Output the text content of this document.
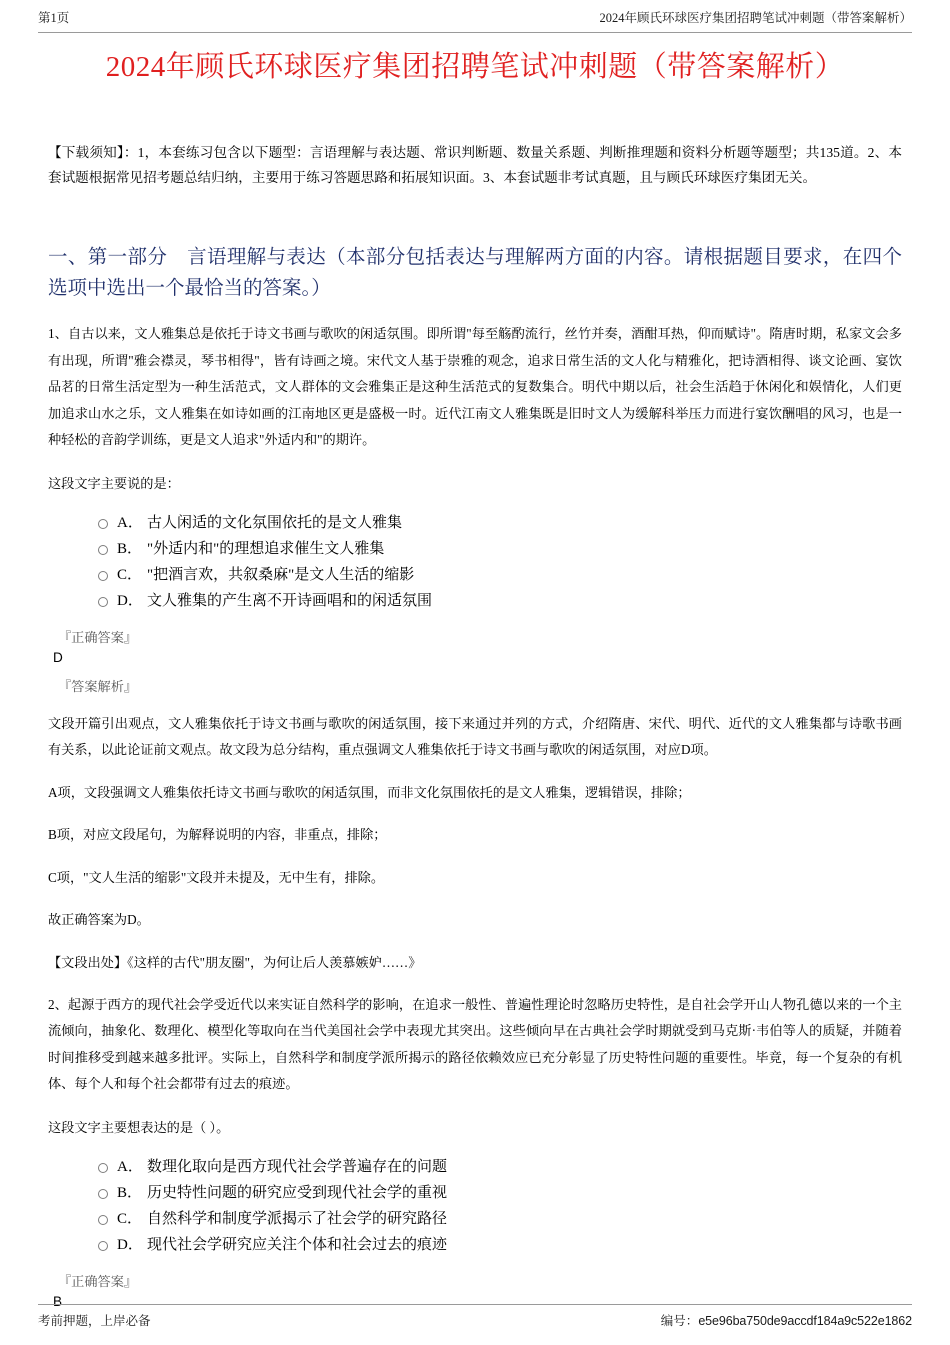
第1页	2024年顾氏环球医疗集团招聘笔试冲刺题（带答案解析）
2024年顾氏环球医疗集团招聘笔试冲刺题（带答案解析）

【下载须知】：1，本套练习包含以下题型：言语理解与表达题、常识判断题、数量关系题、判断推理题和资料分析题等题型；共135道。2、本套试题根据常见招考题总结归纳，主要用于练习答题思路和拓展知识面。3、本套试题非考试真题，且与顾氏环球医疗集团无关。

一、第一部分　言语理解与表达（本部分包括表达与理解两方面的内容。请根据题目要求，在四个选项中选出一个最恰当的答案。）

1、自古以来，文人雅集总是依托于诗文书画与歌吹的闲适氛围。即所谓"每至觞酌流行，丝竹并奏，酒酣耳热，仰而赋诗"。隋唐时期，私家文会多有出现，所谓"雅会襟灵，琴书相得"，皆有诗画之境。宋代文人基于崇雅的观念，追求日常生活的文人化与精雅化，把诗酒相得、谈文论画、宴饮品茗的日常生活定型为一种生活范式，文人群体的文会雅集正是这种生活范式的复数集合。明代中期以后，社会生活趋于休闲化和娱情化，人们更加追求山水之乐，文人雅集在如诗如画的江南地区更是盛极一时。近代江南文人雅集既是旧时文人为缓解科举压力而进行宴饮酬唱的风习，也是一种轻松的音韵学训练，更是文人追求"外适内和"的期许。

这段文字主要说的是：

A． 古人闲适的文化氛围依托的是文人雅集
B． "外适内和"的理想追求催生文人雅集
C． "把酒言欢，共叙桑麻"是文人生活的缩影
D． 文人雅集的产生离不开诗画唱和的闲适氛围

『正确答案』

D

『答案解析』

文段开篇引出观点，文人雅集依托于诗文书画与歌吹的闲适氛围，接下来通过并列的方式，介绍隋唐、宋代、明代、近代的文人雅集都与诗歌书画有关系，以此论证前文观点。故文段为总分结构，重点强调文人雅集依托于诗文书画与歌吹的闲适氛围，对应D项。

A项，文段强调文人雅集依托诗文书画与歌吹的闲适氛围，而非文化氛围依托的是文人雅集，逻辑错误，排除；

B项，对应文段尾句，为解释说明的内容，非重点，排除；

C项，"文人生活的缩影"文段并未提及，无中生有，排除。

故正确答案为D。

【文段出处】《这样的古代"朋友圈"，为何让后人羡慕嫉妒……》

2、起源于西方的现代社会学受近代以来实证自然科学的影响，在追求一般性、普遍性理论时忽略历史特性，是自社会学开山人物孔德以来的一个主流倾向，抽象化、数理化、模型化等取向在当代美国社会学中表现尤其突出。这些倾向早在古典社会学时期就受到马克斯·韦伯等人的质疑，并随着时间推移受到越来越多批评。实际上，自然科学和制度学派所揭示的路径依赖效应已充分彰显了历史特性问题的重要性。毕竟，每一个复杂的有机体、每个人和每个社会都带有过去的痕迹。

这段文字主要想表达的是（ ）。

A． 数理化取向是西方现代社会学普遍存在的问题
B． 历史特性问题的研究应受到现代社会学的重视
C． 自然科学和制度学派揭示了社会学的研究路径
D． 现代社会学研究应关注个体和社会过去的痕迹

『正确答案』

B

考前押题，上岸必备	编号：e5e96ba750de9accdf184a9c522e1862
